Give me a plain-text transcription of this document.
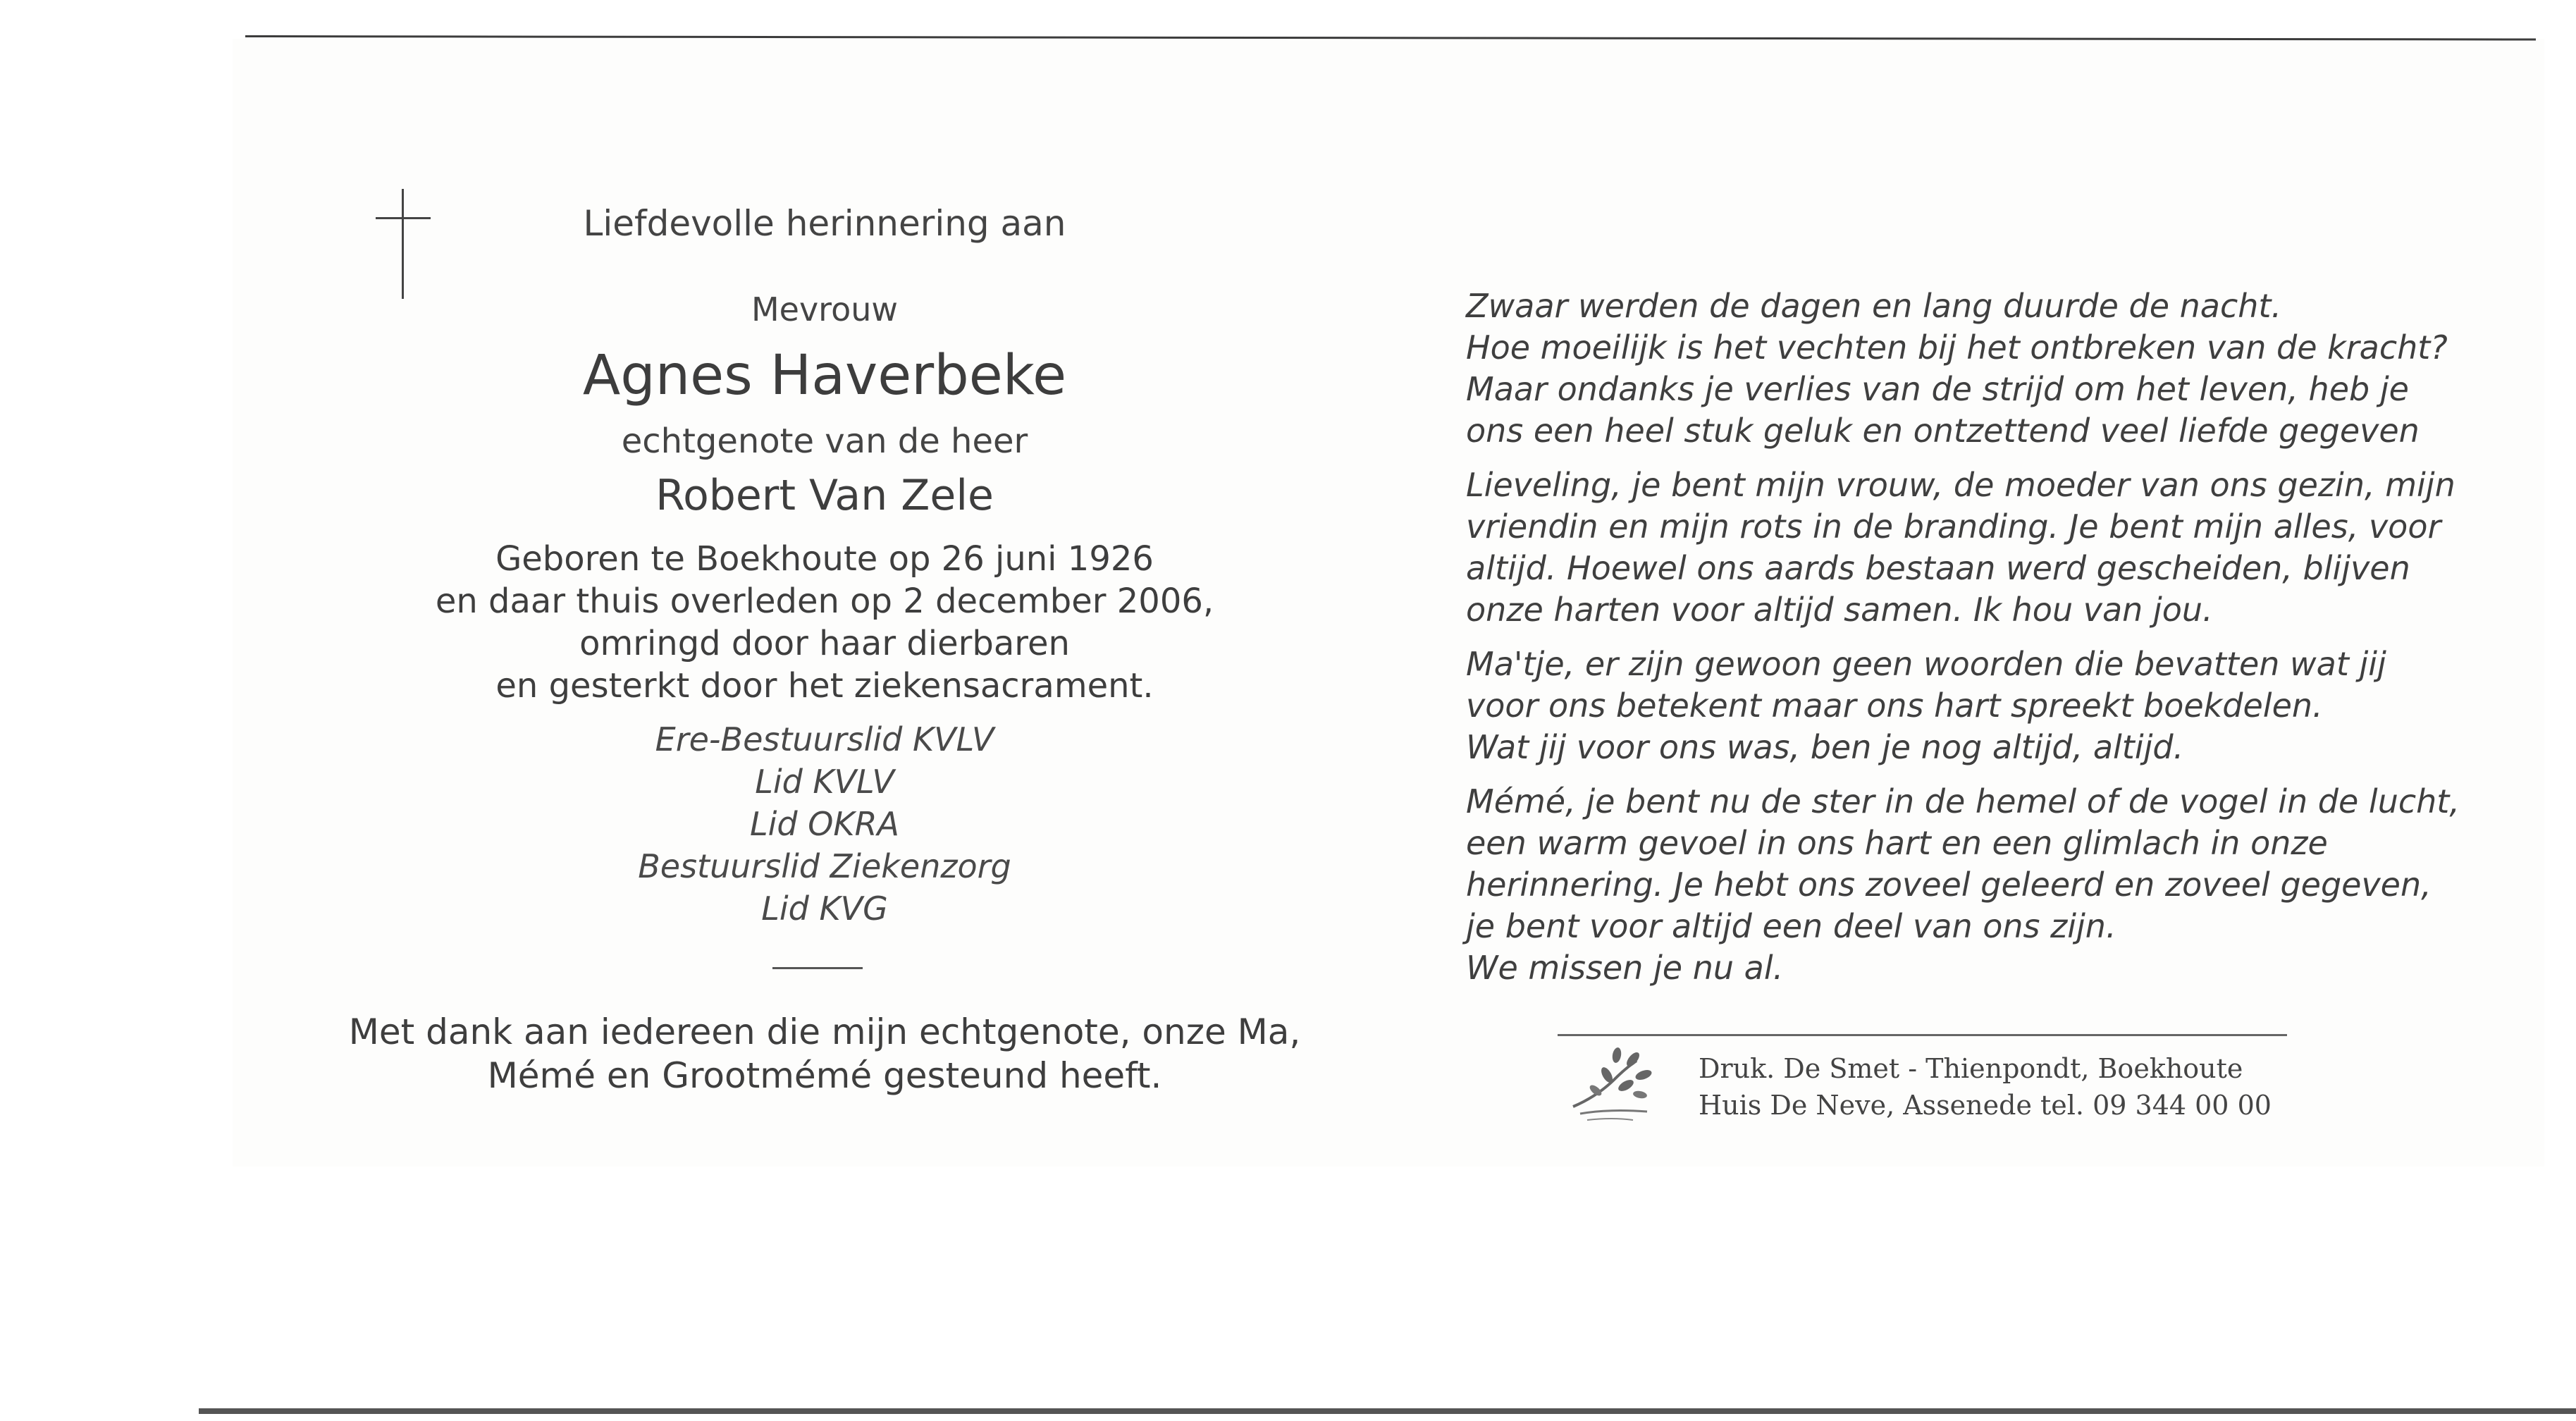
Liefdevolle herinnering aan
Mevrouw
Agnes Haverbeke
echtgenote van de heer
Robert Van Zele
Geboren te Boekhoute op 26 juni 1926
en daar thuis overleden op 2 december 2006,
omringd door haar dierbaren
en gesterkt door het ziekensacrament.
Ere-Bestuurslid KVLV
Lid KVLV
Lid OKRA
Bestuurslid Ziekenzorg
Lid KVG
Met dank aan iedereen die mijn echtgenote, onze Ma,
Mémé en Grootmémé gesteund heeft.
Zwaar werden de dagen en lang duurde de nacht.
Hoe moeilijk is het vechten bij het ontbreken van de kracht?
Maar ondanks je verlies van de strijd om het leven, heb je
ons een heel stuk geluk en ontzettend veel liefde gegeven
Lieveling, je bent mijn vrouw, de moeder van ons gezin, mijn
vriendin en mijn rots in de branding. Je bent mijn alles, voor
altijd. Hoewel ons aards bestaan werd gescheiden, blijven
onze harten voor altijd samen. Ik hou van jou.
Ma'tje, er zijn gewoon geen woorden die bevatten wat jij
voor ons betekent maar ons hart spreekt boekdelen.
Wat jij voor ons was, ben je nog altijd, altijd.
Mémé, je bent nu de ster in de hemel of de vogel in de lucht,
een warm gevoel in ons hart en een glimlach in onze
herinnering. Je hebt ons zoveel geleerd en zoveel gegeven,
je bent voor altijd een deel van ons zijn.
We missen je nu al.
Druk. De Smet - Thienpondt, Boekhoute
Huis De Neve, Assenede tel. 09 344 00 00
